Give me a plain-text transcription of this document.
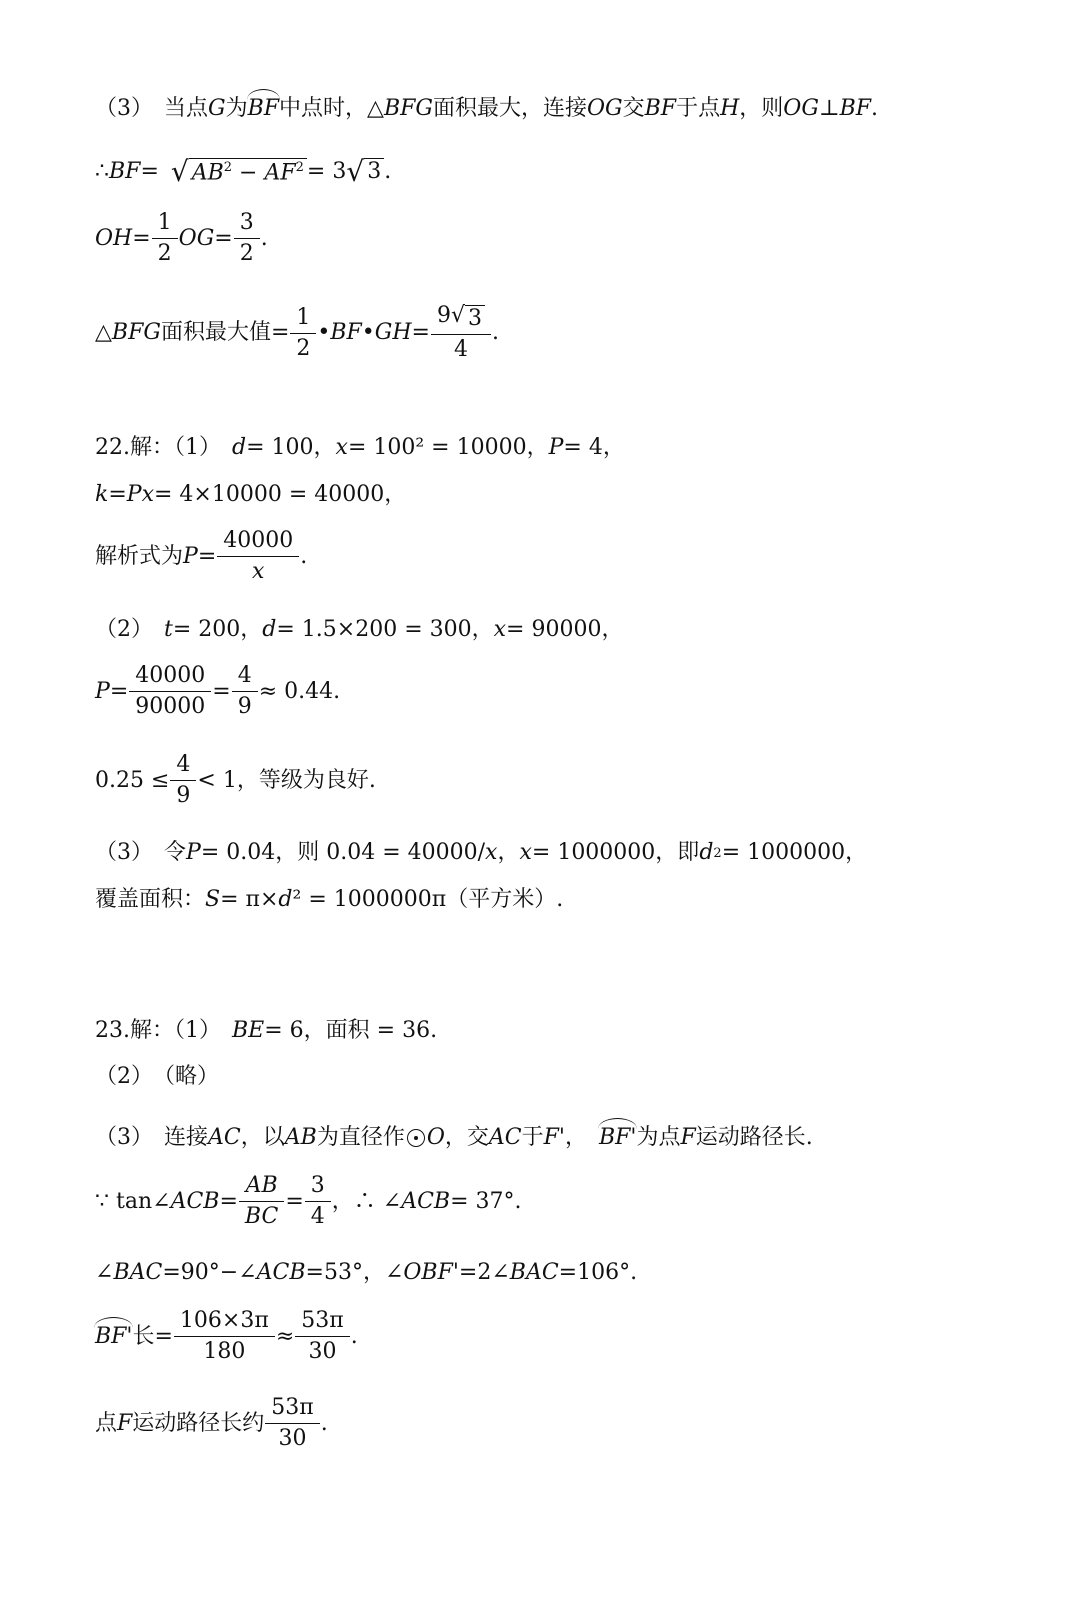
（3）　当点 G 为 BF 中点时，△ BFG 面积最大，连接 OG 交 BF 于点 H ，则 OG ⊥ BF .
∴ BF = √ $AB^2 - AF^2 = 3$ √ 3 .
OH = $\frac{1}{2}$ OG = $\frac{3}{2}$ .
△ BFG 面积最大值= $\frac{1}{2}$ • BF • GH = $\frac{9 √ 3}{4}$ .
22.解：（1）　 d = 100， x = 100² = 10000， P = 4，
k = Px = 4×10000 = 40000，
解析式为 $P = \frac{40000}{x}$ .
（2）　 t = 200， d = 1.5×200 = 300， x = 90000，
$P = \frac{40000}{90000} = \frac{4}{9} \approx 0.44$.
$0.25 \le \frac{4}{9} < 1$，等级为良好.
（3）　令 P = 0.04，则 0.04 = 40000/ x ， x = 1000000，即 d 2 = 1000000，
覆盖面积： S = π× d ² = 1000000π（平方米）.
23.解：（1）　 BE = 6，面积 = 36.
（2）　（略）
（3）　连接 AC ，以 AB 为直径作 O ，交 AC 于 F' ， BF' 为点 F 运动路径长.
∵ tan∠ ACB = $\frac{AB}{BC} = \frac{3}{4}$ ，∴ ∠ ACB = 37°.
∠ BAC =90°−∠ ACB =53°，∠ OBF' =2∠ BAC =106°.
BF' 长= $\frac{106\times 3\pi}{180} \approx \frac{53\pi}{30}$ .
点 F 运动路径长约 $\frac{53\pi}{30}$ .
